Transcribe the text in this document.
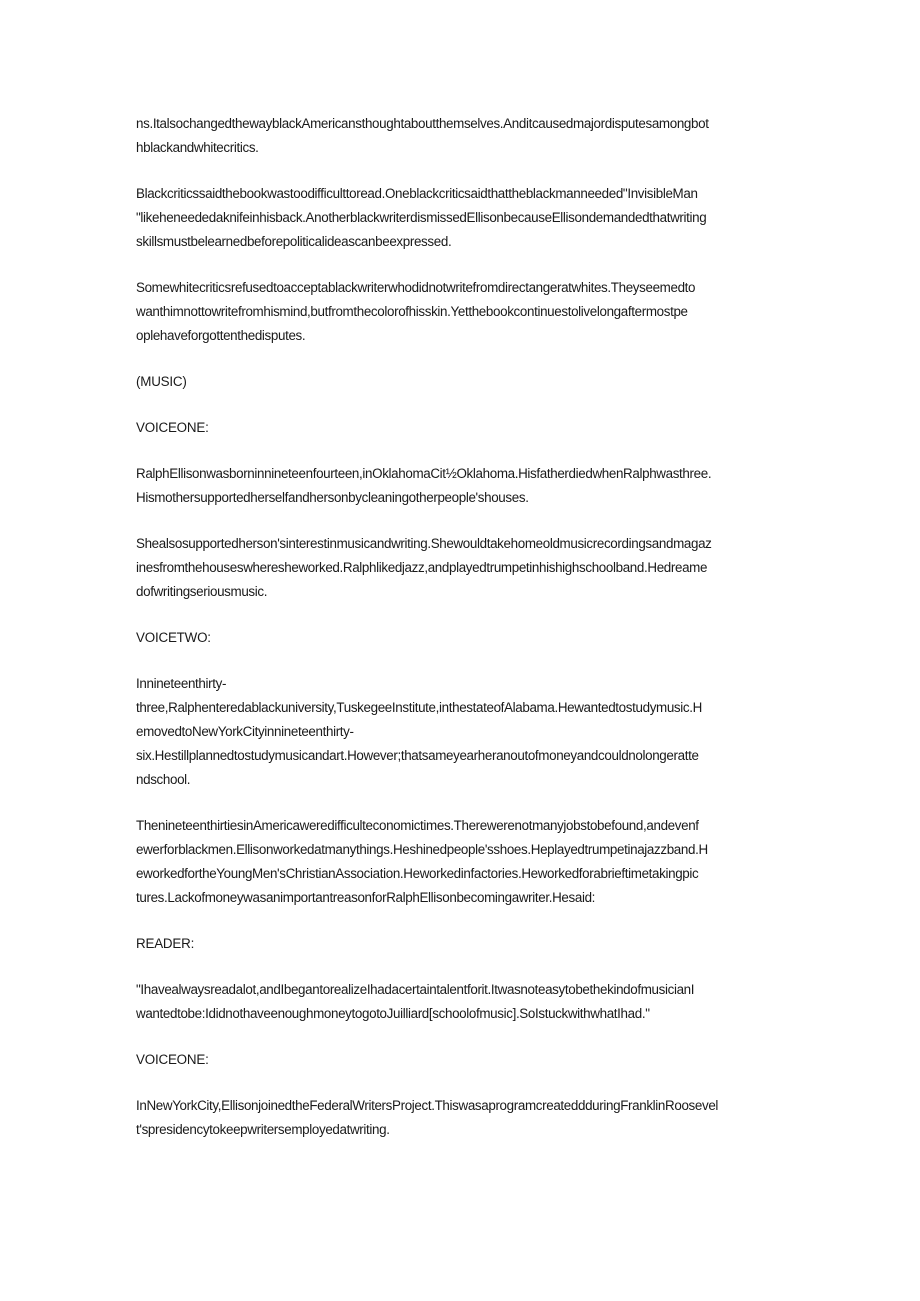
ns.ItalsochangedthewayblackAmericansthoughtaboutthemselves.Anditcausedmajordisputesamongbot
hblackandwhitecritics.

Blackcriticssaidthebookwastoodifficulttoread.Oneblackcriticsaidthattheblackmanneeded"InvisibleMan
"likeheneededaknifeinhisback.AnotherblackwriterdismissedEllisonbecauseEllisondemandedthatwriting
skillsmustbelearnedbeforepoliticalideascanbeexpressed.

Somewhitecriticsrefusedtoacceptablackwriterwhodidnotwritefromdirectangeratwhites.Theyseemedto
wanthimnottowritefromhismind,butfromthecolorofhisskin.Yetthebookcontinuestolivelongaftermostpe
oplehaveforgottenthedisputes.

(MUSIC)

VOICEONE:

RalphEllisonwasborninnineteenfourteen,inOklahomaCit½Oklahoma.HisfatherdiedwhenRalphwasthree.
Hismothersupportedherselfandhersonbycleaningotherpeople'shouses.

Shealsosupportedherson'sinterestinmusicandwriting.Shewouldtakehomeoldmusicrecordingsandmagaz
inesfromthehouseswheresheworked.Ralphlikedjazz,andplayedtrumpetinhishighschoolband.Hedreame
dofwritingseriousmusic.

VOICETWO:

Innineteenthirty-
three,Ralphenteredablackuniversity,TuskegeeInstitute,inthestateofAlabama.Hewantedtostudymusic.H
emovedtoNewYorkCityinnineteenthirty-
six.Hestillplannedtostudymusicandart.However;thatsameyearheranoutofmoneyandcouldnolongeratte
ndschool.

ThenineteenthirtiesinAmericaweredifficulteconomictimes.Therewerenotmanyjobstobefound,andevenf
ewerforblackmen.Ellisonworkedatmanythings.Heshinedpeople'sshoes.Heplayedtrumpetinajazzband.H
eworkedfortheYoungMen'sChristianAssociation.Heworkedinfactories.Heworkedforabrieftimetakingpic
tures.LackofmoneywasanimportantreasonforRalphEllisonbecomingawriter.Hesaid:

READER:

"Ihavealwaysreadalot,andIbegantorealizeIhadacertaintalentforit.ItwasnoteasytobethekindofmusicianI
wantedtobe:IdidnothaveenoughmoneytogotoJuilliard[schoolofmusic].SoIstuckwithwhatIhad."

VOICEONE:

InNewYorkCity,EllisonjoinedtheFederalWritersProject.ThiswasaprogramcreateddduringFranklinRoosevel
t'spresidencytokeepwritersemployedatwriting.
